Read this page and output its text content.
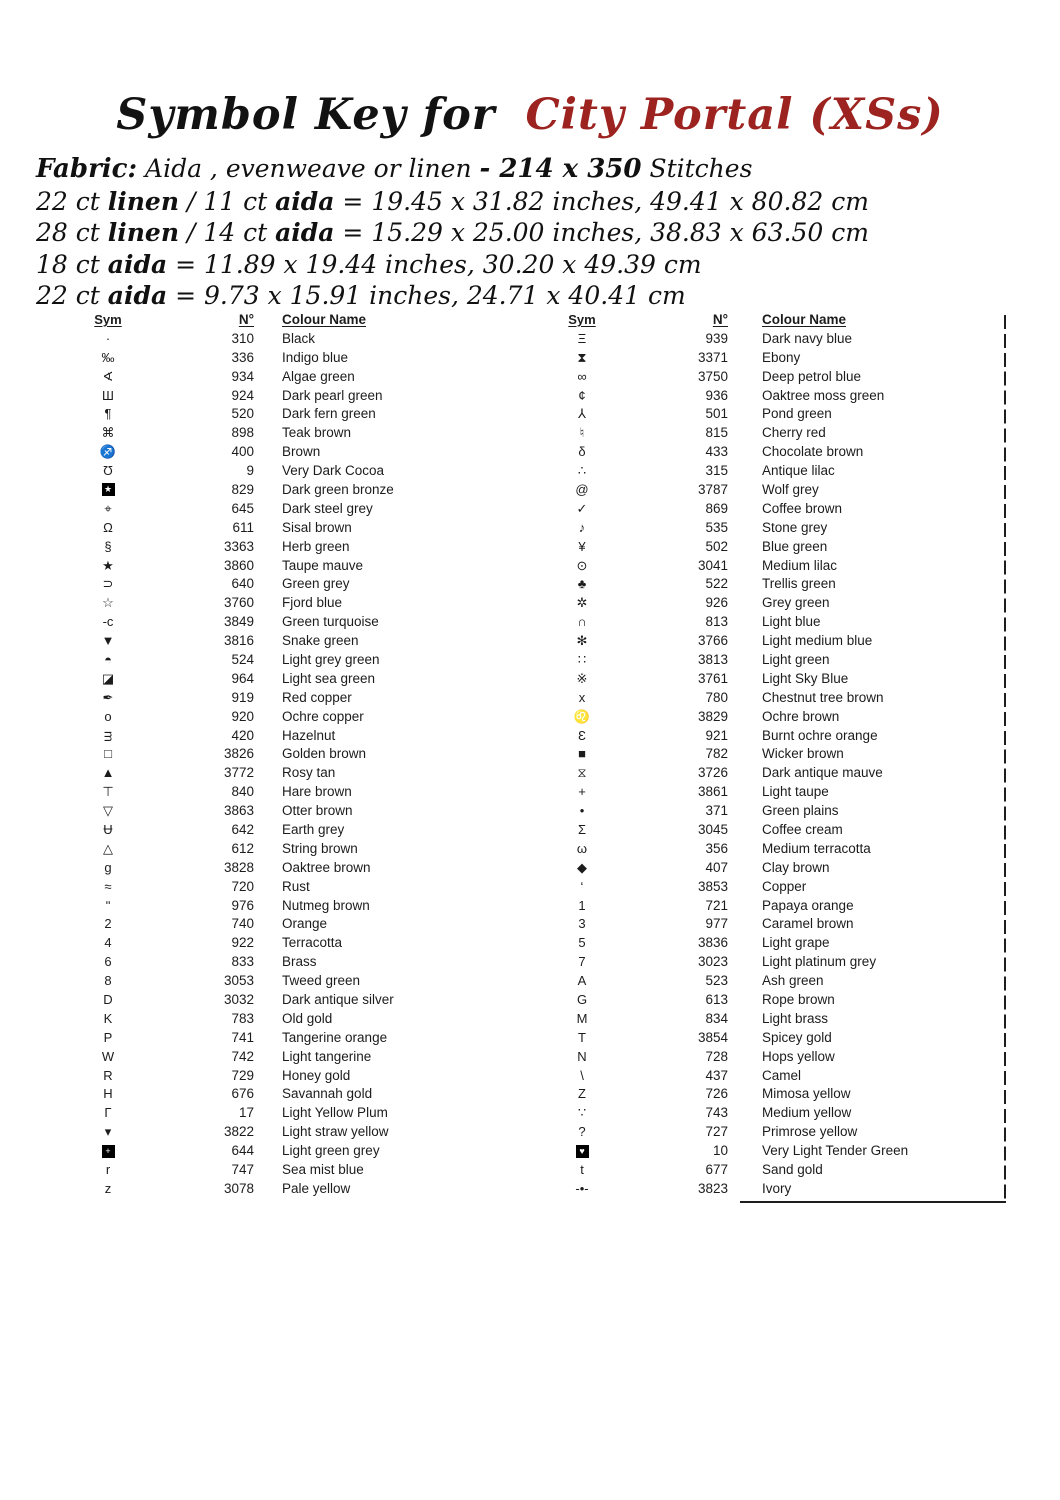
Symbol Key for City Portal (XSs)

Fabric: Aida , evenweave or linen - 214 x 350 Stitches

22 ct linen / 11 ct aida = 19.45 x 31.82 inches, 49.41 x 80.82 cm

28 ct linen / 14 ct aida = 15.29 x 25.00 inches, 38.83 x 63.50 cm

18 ct aida = 11.89 x 19.44 inches, 30.20 x 49.39 cm

22 ct aida = 9.73 x 15.91 inches, 24.71 x 40.41 cm

Sym	N°	Colour Name
·	310	Black
‰	336	Indigo blue
∢	934	Algae green
Ш	924	Dark pearl green
¶	520	Dark fern green
⌘	898	Teak brown
♐	400	Brown
Ʊ	9	Very Dark Cocoa
★	829	Dark green bronze
⌖	645	Dark steel grey
Ω	611	Sisal brown
§	3363	Herb green
★	3860	Taupe mauve
⊃	640	Green grey
☆	3760	Fjord blue
-c	3849	Green turquoise
▼	3816	Snake green
◓	524	Light grey green
◪	964	Light sea green
✒	919	Red copper
o	920	Ochre copper
ᴟ	420	Hazelnut
□	3826	Golden brown
▲	3772	Rosy tan
⊤	840	Hare brown
▽	3863	Otter brown
Ʉ	642	Earth grey
△	612	String brown
g	3828	Oaktree brown
≈	720	Rust
ʺ	976	Nutmeg brown
2	740	Orange
4	922	Terracotta
6	833	Brass
8	3053	Tweed green
D	3032	Dark antique silver
K	783	Old gold
P	741	Tangerine orange
W	742	Light tangerine
R	729	Honey gold
H	676	Savannah gold
Γ	17	Light Yellow Plum
▾	3822	Light straw yellow
+	644	Light green grey
r	747	Sea mist blue
z	3078	Pale yellow
Sym	N°	Colour Name
Ξ	939	Dark navy blue
⧗	3371	Ebony
∞	3750	Deep petrol blue
¢	936	Oaktree moss green
⅄	501	Pond green
♮	815	Cherry red
δ	433	Chocolate brown
∴	315	Antique lilac
@	3787	Wolf grey
✓	869	Coffee brown
♪	535	Stone grey
¥	502	Blue green
⊙	3041	Medium lilac
♣	522	Trellis green
✲	926	Grey green
∩	813	Light blue
✻	3766	Light medium blue
∷	3813	Light green
※	3761	Light Sky Blue
x	780	Chestnut tree brown
♌	3829	Ochre brown
Ɛ	921	Burnt ochre orange
■	782	Wicker brown
⧖	3726	Dark antique mauve
+	3861	Light taupe
•	371	Green plains
Σ	3045	Coffee cream
ω	356	Medium terracotta
◆	407	Clay brown
‘	3853	Copper
1	721	Papaya orange
3	977	Caramel brown
5	3836	Light grape
7	3023	Light platinum grey
A	523	Ash green
G	613	Rope brown
M	834	Light brass
T	3854	Spicey gold
N	728	Hops yellow
\	437	Camel
Z	726	Mimosa yellow
∵	743	Medium yellow
?	727	Primrose yellow
♥	10	Very Light Tender Green
t	677	Sand gold
-•-	3823	Ivory
